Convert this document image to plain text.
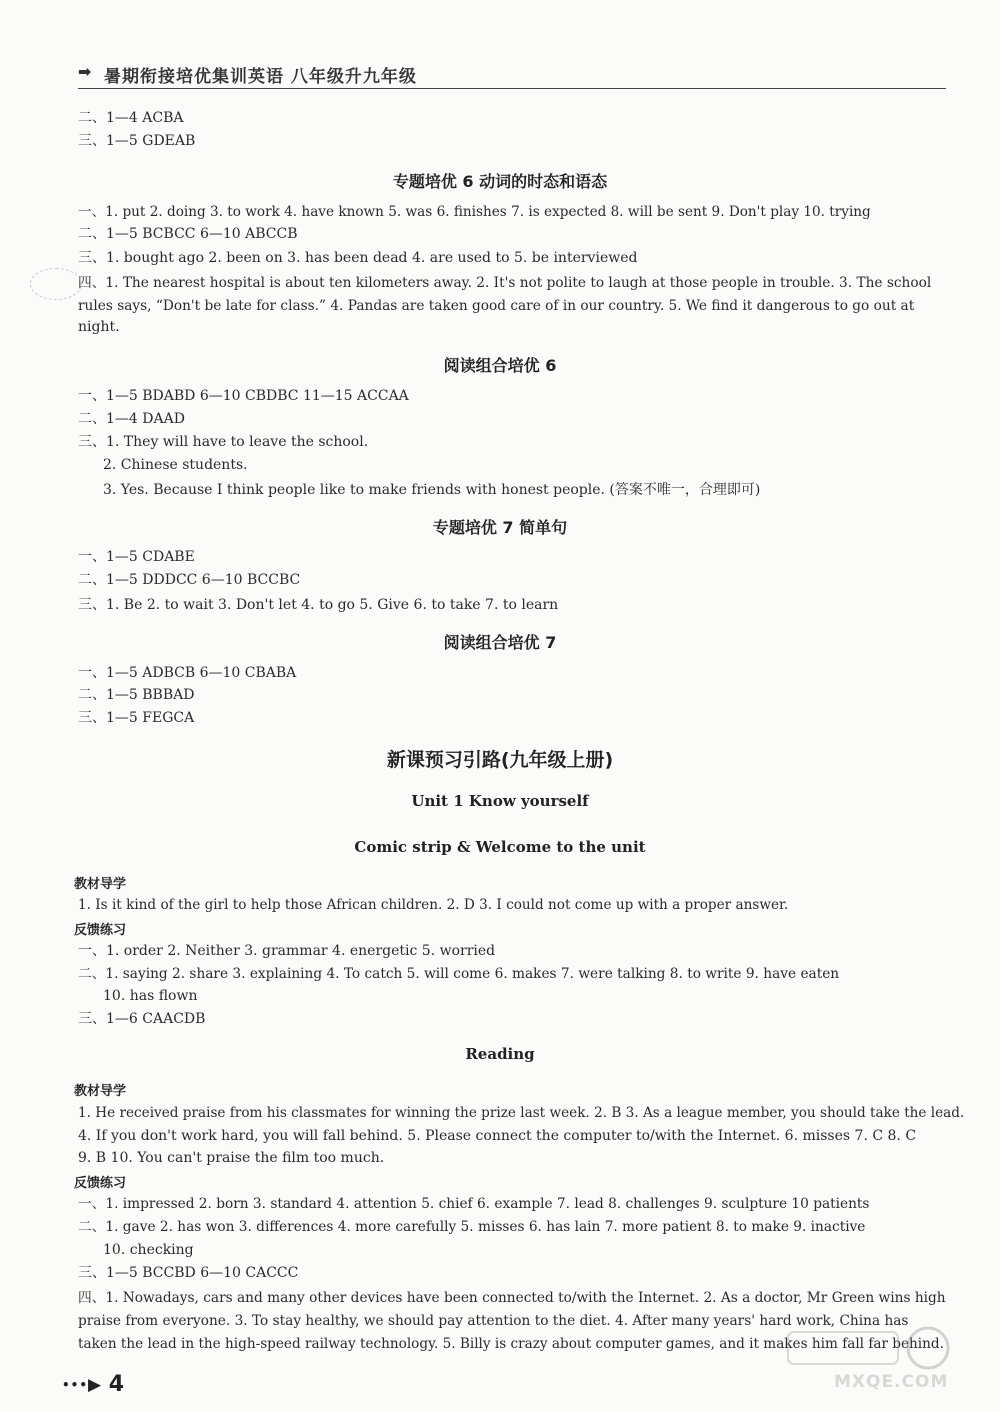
➡ 暑期衔接培优集训英语 八年级升九年级
二、1—4 ACBA
三、1—5 GDEAB
专题培优 6 动词的时态和语态
一、1. put 2. doing 3. to work 4. have known 5. was 6. finishes 7. is expected 8. will be sent 9. Don't play 10. trying
二、1—5 BCBCC 6—10 ABCCB
三、1. bought ago 2. been on 3. has been dead 4. are used to 5. be interviewed
四、1. The nearest hospital is about ten kilometers away. 2. It's not polite to laugh at those people in trouble. 3. The school
rules says, “Don't be late for class.” 4. Pandas are taken good care of in our country. 5. We find it dangerous to go out at
night.
阅读组合培优 6
一、1—5 BDABD 6—10 CBDBC 11—15 ACCAA
二、1—4 DAAD
三、1. They will have to leave the school.
2. Chinese students.
3. Yes. Because I think people like to make friends with honest people. (答案不唯一，合理即可)
专题培优 7 简单句
一、1—5 CDABE
二、1—5 DDDCC 6—10 BCCBC
三、1. Be 2. to wait 3. Don't let 4. to go 5. Give 6. to take 7. to learn
阅读组合培优 7
一、1—5 ADBCB 6—10 CBABA
二、1—5 BBBAD
三、1—5 FEGCA
新课预习引路(九年级上册)
Unit 1 Know yourself
Comic strip & Welcome to the unit
教材导学
1. Is it kind of the girl to help those African children. 2. D 3. I could not come up with a proper answer.
反馈练习
一、1. order 2. Neither 3. grammar 4. energetic 5. worried
二、1. saying 2. share 3. explaining 4. To catch 5. will come 6. makes 7. were talking 8. to write 9. have eaten
10. has flown
三、1—6 CAACDB
Reading
教材导学
1. He received praise from his classmates for winning the prize last week. 2. B 3. As a league member, you should take the lead.
4. If you don't work hard, you will fall behind. 5. Please connect the computer to/with the Internet. 6. misses 7. C 8. C
9. B 10. You can't praise the film too much.
反馈练习
一、1. impressed 2. born 3. standard 4. attention 5. chief 6. example 7. lead 8. challenges 9. sculpture 10 patients
二、1. gave 2. has won 3. differences 4. more carefully 5. misses 6. has lain 7. more patient 8. to make 9. inactive
10. checking
三、1—5 BCCBD 6—10 CACCC
四、1. Nowadays, cars and many other devices have been connected to/with the Internet. 2. As a doctor, Mr Green wins high
praise from everyone. 3. To stay healthy, we should pay attention to the diet. 4. After many years' hard work, China has
taken the lead in the high-speed railway technology. 5. Billy is crazy about computer games, and it makes him fall far behind.
•••▶ 4	MXQE.COM
